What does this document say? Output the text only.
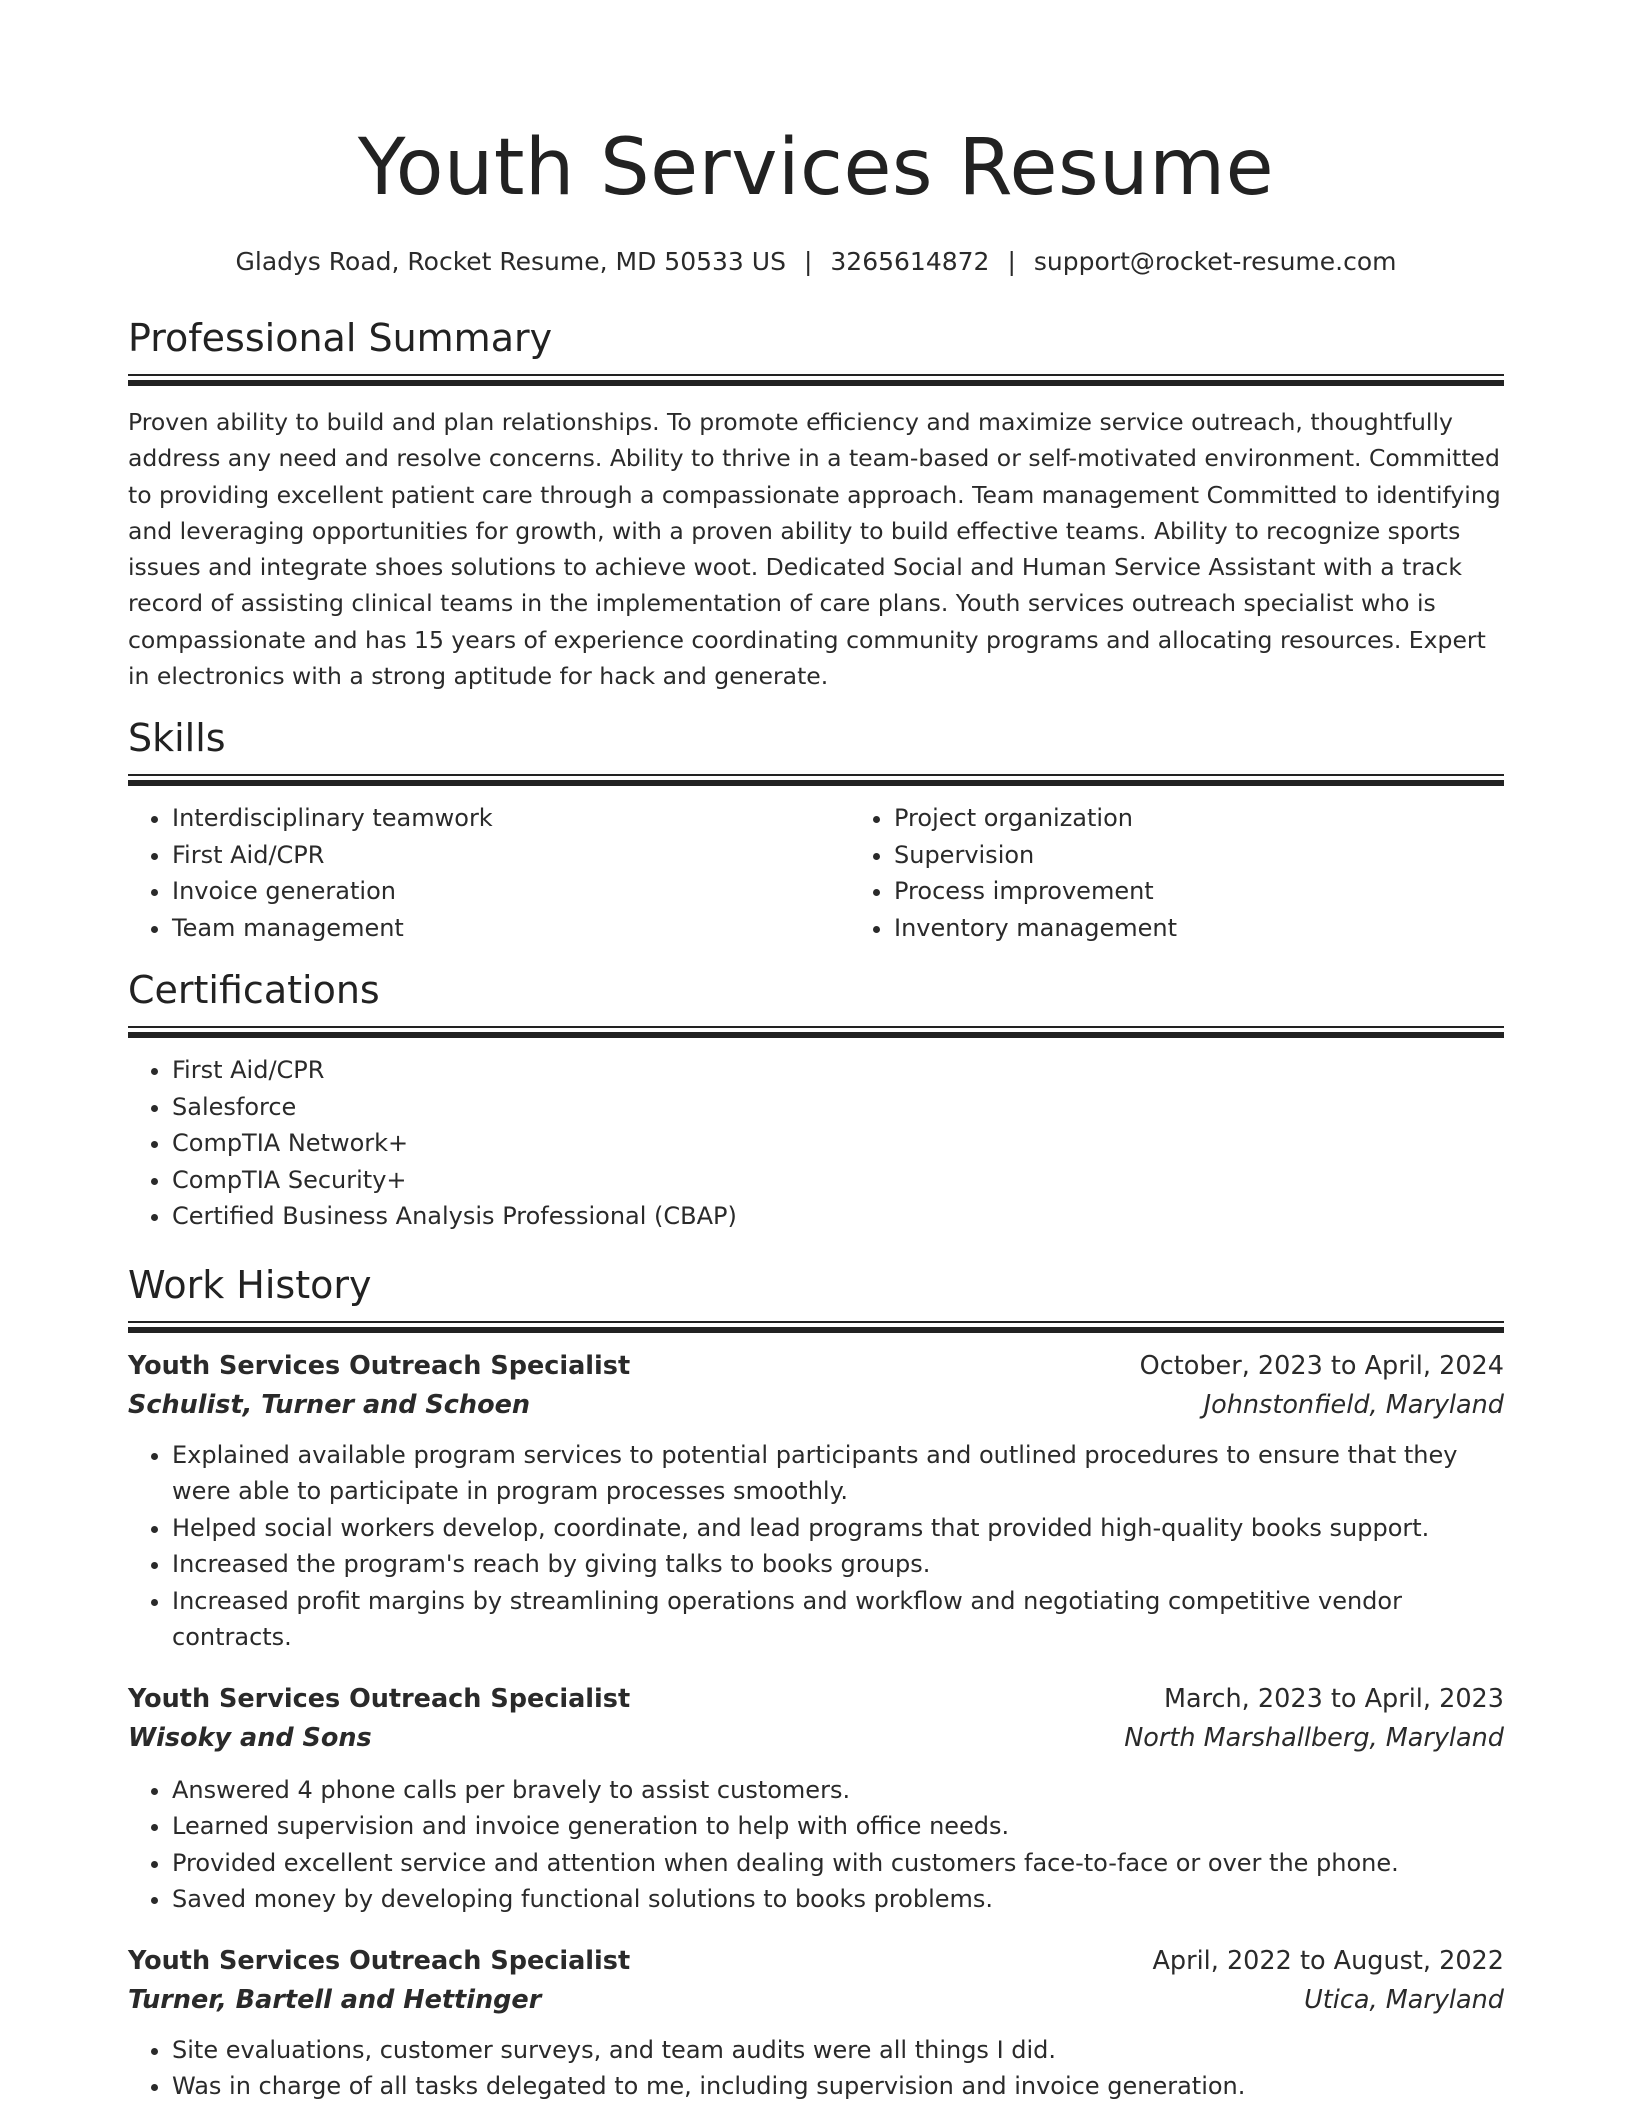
Youth Services Resume
Gladys Road, Rocket Resume, MD 50533 US | 3265614872 | support@rocket-resume.com
Professional Summary

Proven ability to build and plan relationships. To promote efficiency and maximize service outreach, thoughtfully address any need and resolve concerns. Ability to thrive in a team-based or self-motivated environment. Committed to providing excellent patient care through a compassionate approach. Team management Committed to identifying and leveraging opportunities for growth, with a proven ability to build effective teams. Ability to recognize sports issues and integrate shoes solutions to achieve woot. Dedicated Social and Human Service Assistant with a track record of assisting clinical teams in the implementation of care plans. Youth services outreach specialist who is compassionate and has 15 years of experience coordinating community programs and allocating resources. Expert in electronics with a strong aptitude for hack and generate.

Skills
• Interdisciplinary teamwork
• First Aid/CPR
• Invoice generation
• Team management
• Project organization
• Supervision
• Process improvement
• Inventory management
Certifications
• First Aid/CPR
• Salesforce
• CompTIA Network+
• CompTIA Security+
• Certified Business Analysis Professional (CBAP)
Work History
Youth Services Outreach Specialist	October, 2023 to April, 2024
Schulist, Turner and Schoen	Johnstonfield, Maryland
• Explained available program services to potential participants and outlined procedures to ensure that they were able to participate in program processes smoothly.
• Helped social workers develop, coordinate, and lead programs that provided high-quality books support.
• Increased the program's reach by giving talks to books groups.
• Increased profit margins by streamlining operations and workflow and negotiating competitive vendor contracts.
Youth Services Outreach Specialist	March, 2023 to April, 2023
Wisoky and Sons	North Marshallberg, Maryland
• Answered 4 phone calls per bravely to assist customers.
• Learned supervision and invoice generation to help with office needs.
• Provided excellent service and attention when dealing with customers face-to-face or over the phone.
• Saved money by developing functional solutions to books problems.
Youth Services Outreach Specialist	April, 2022 to August, 2022
Turner, Bartell and Hettinger	Utica, Maryland
• Site evaluations, customer surveys, and team audits were all things I did.
• Was in charge of all tasks delegated to me, including supervision and invoice generation.
